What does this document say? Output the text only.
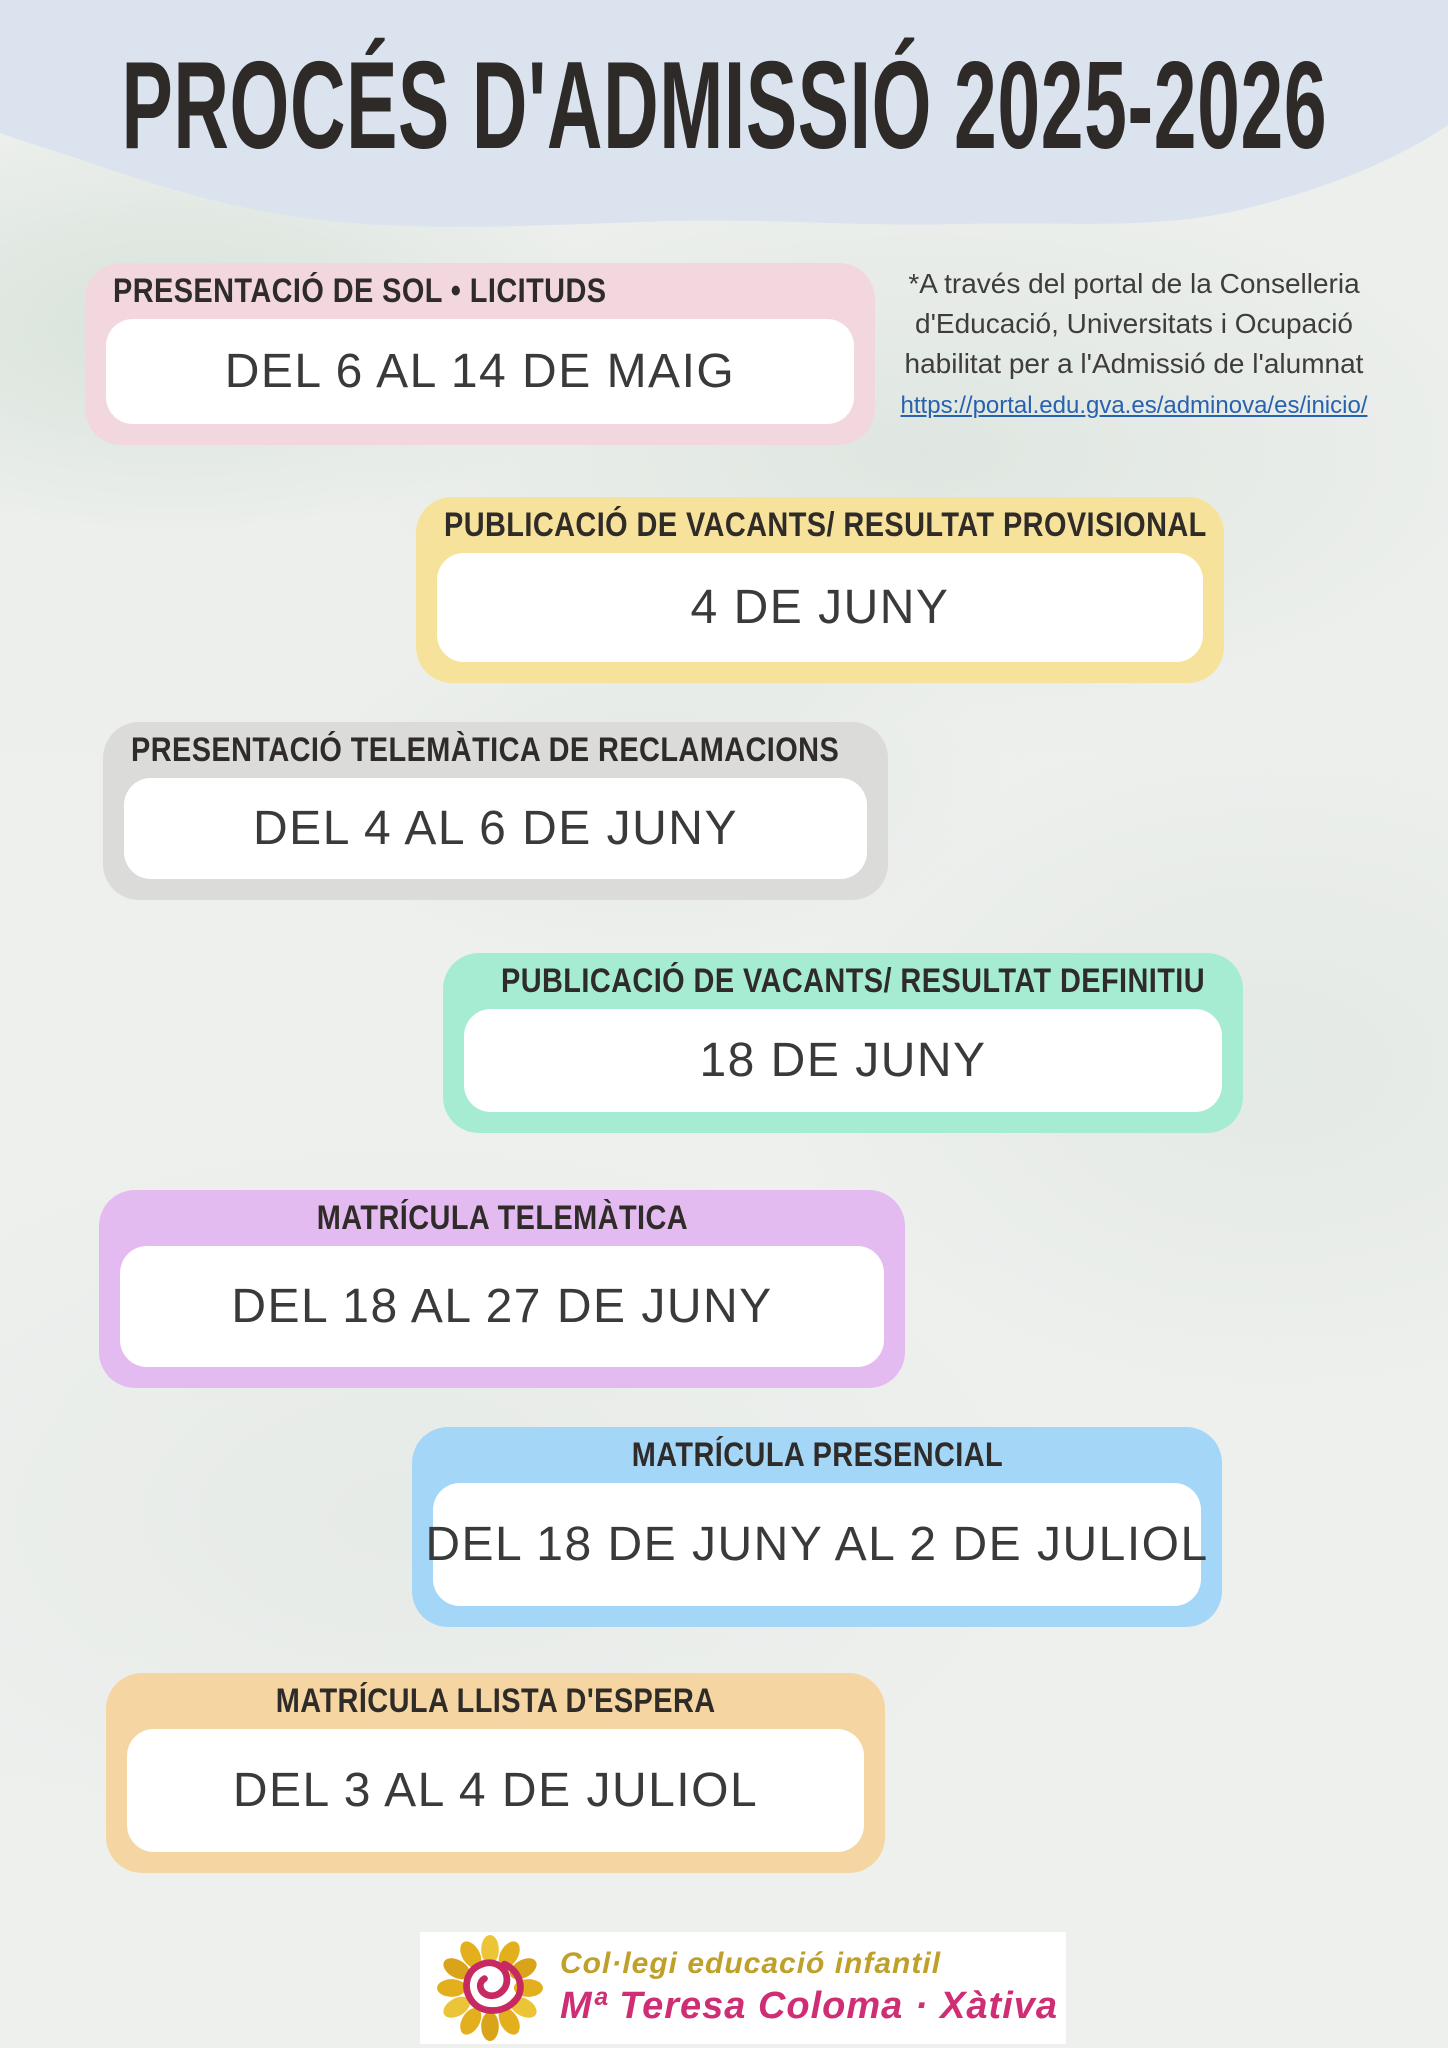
PROCÉS D'ADMISSIÓ 2025-2026
*A través del portal de la Conselleria
d'Educació, Universitats i Ocupació
habilitat per a l'Admissió de l'alumnat
https://portal.edu.gva.es/adminova/es/inicio/
PRESENTACIÓ DE SOL • LICITUDS
DEL 6 AL 14 DE MAIG
PUBLICACIÓ DE VACANTS/ RESULTAT PROVISIONAL
4 DE JUNY
PRESENTACIÓ TELEMÀTICA DE RECLAMACIONS
DEL 4 AL 6 DE JUNY
PUBLICACIÓ DE VACANTS/ RESULTAT DEFINITIU
18 DE JUNY
MATRÍCULA TELEMÀTICA
DEL 18 AL 27 DE JUNY
MATRÍCULA PRESENCIAL
DEL 18 DE JUNY AL 2 DE JULIOL
MATRÍCULA LLISTA D'ESPERA
DEL 3 AL 4 DE JULIOL
Col·legi educació infantil
Mª Teresa Coloma · Xàtiva
